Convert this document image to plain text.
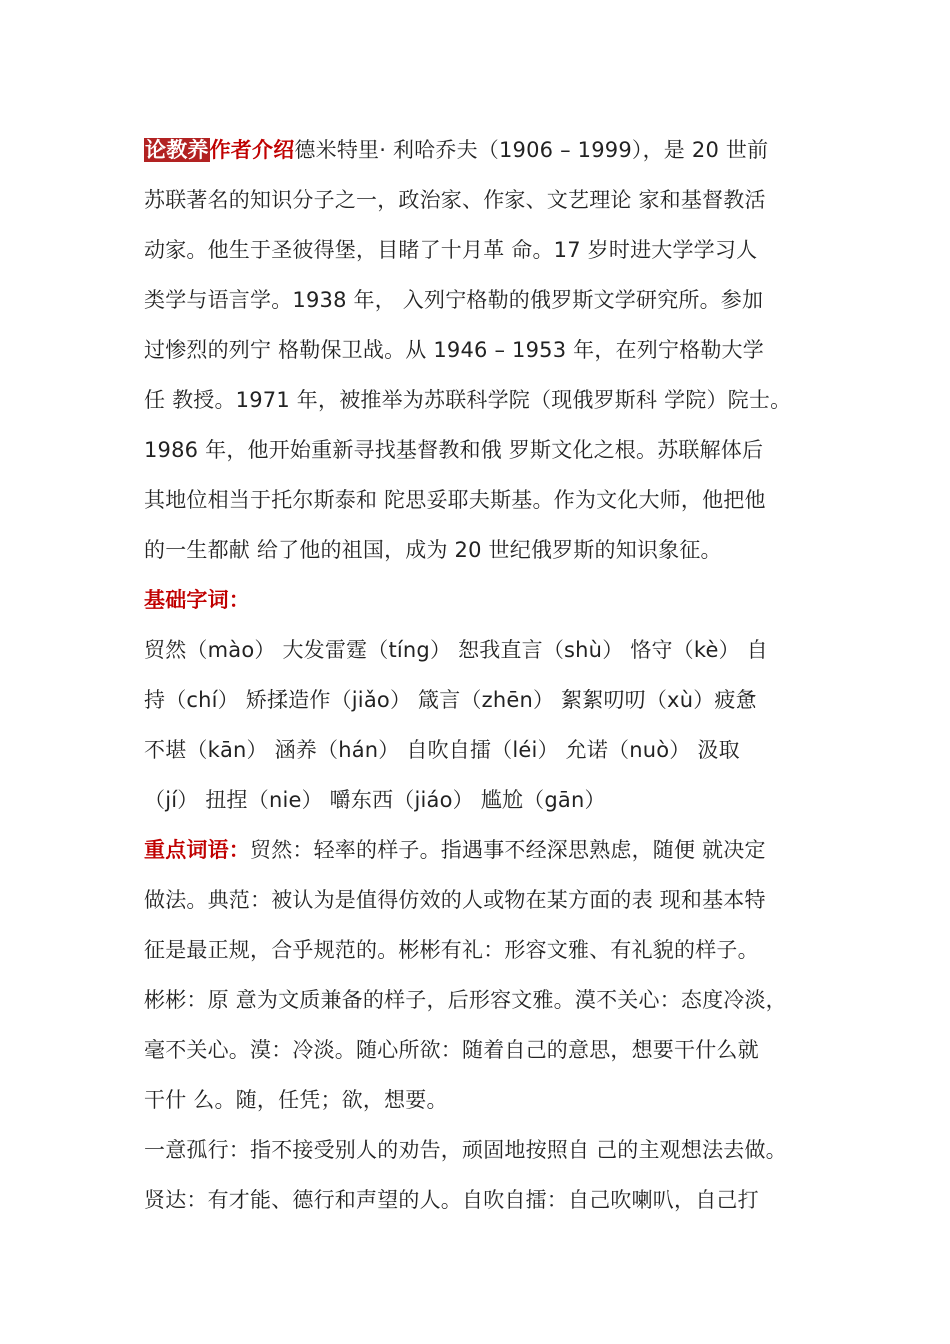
论教养作者介绍德米特里· 利哈乔夫（1906 – 1999），是 20 世前
苏联著名的知识分子之一，政治家、作家、文艺理论 家和基督教活
动家。他生于圣彼得堡，目睹了十月革 命。17 岁时进大学学习人
类学与语言学。1938 年， 入列宁格勒的俄罗斯文学研究所。参加
过惨烈的列宁 格勒保卫战。从 1946 – 1953 年，在列宁格勒大学
任 教授。1971 年，被推举为苏联科学院（现俄罗斯科 学院）院士。
1986 年，他开始重新寻找基督教和俄 罗斯文化之根。苏联解体后
其地位相当于托尔斯泰和 陀思妥耶夫斯基。作为文化大师，他把他
的一生都献 给了他的祖国，成为 20 世纪俄罗斯的知识象征。
基础字词：
贸然（mào） 大发雷霆（tíng） 恕我直言（shù） 恪守（kè） 自
持（chí） 矫揉造作（jiǎo） 箴言（zhēn） 絮絮叨叨（xù）疲惫
不堪（kān） 涵养（hán） 自吹自擂（léi） 允诺（nuò） 汲取
（jí） 扭捏（nie） 嚼东西（jiáo） 尴尬（gān）
重点词语：贸然：轻率的样子。指遇事不经深思熟虑，随便 就决定
做法。典范：被认为是值得仿效的人或物在某方面的表 现和基本特
征是最正规，合乎规范的。彬彬有礼：形容文雅、有礼貌的样子。
彬彬：原 意为文质兼备的样子，后形容文雅。漠不关心：态度冷淡，
毫不关心。漠：冷淡。随心所欲：随着自己的意思，想要干什么就
干什 么。随，任凭；欲，想要。
一意孤行：指不接受别人的劝告，顽固地按照自 己的主观想法去做。
贤达：有才能、德行和声望的人。自吹自擂：自己吹喇叭，自己打
